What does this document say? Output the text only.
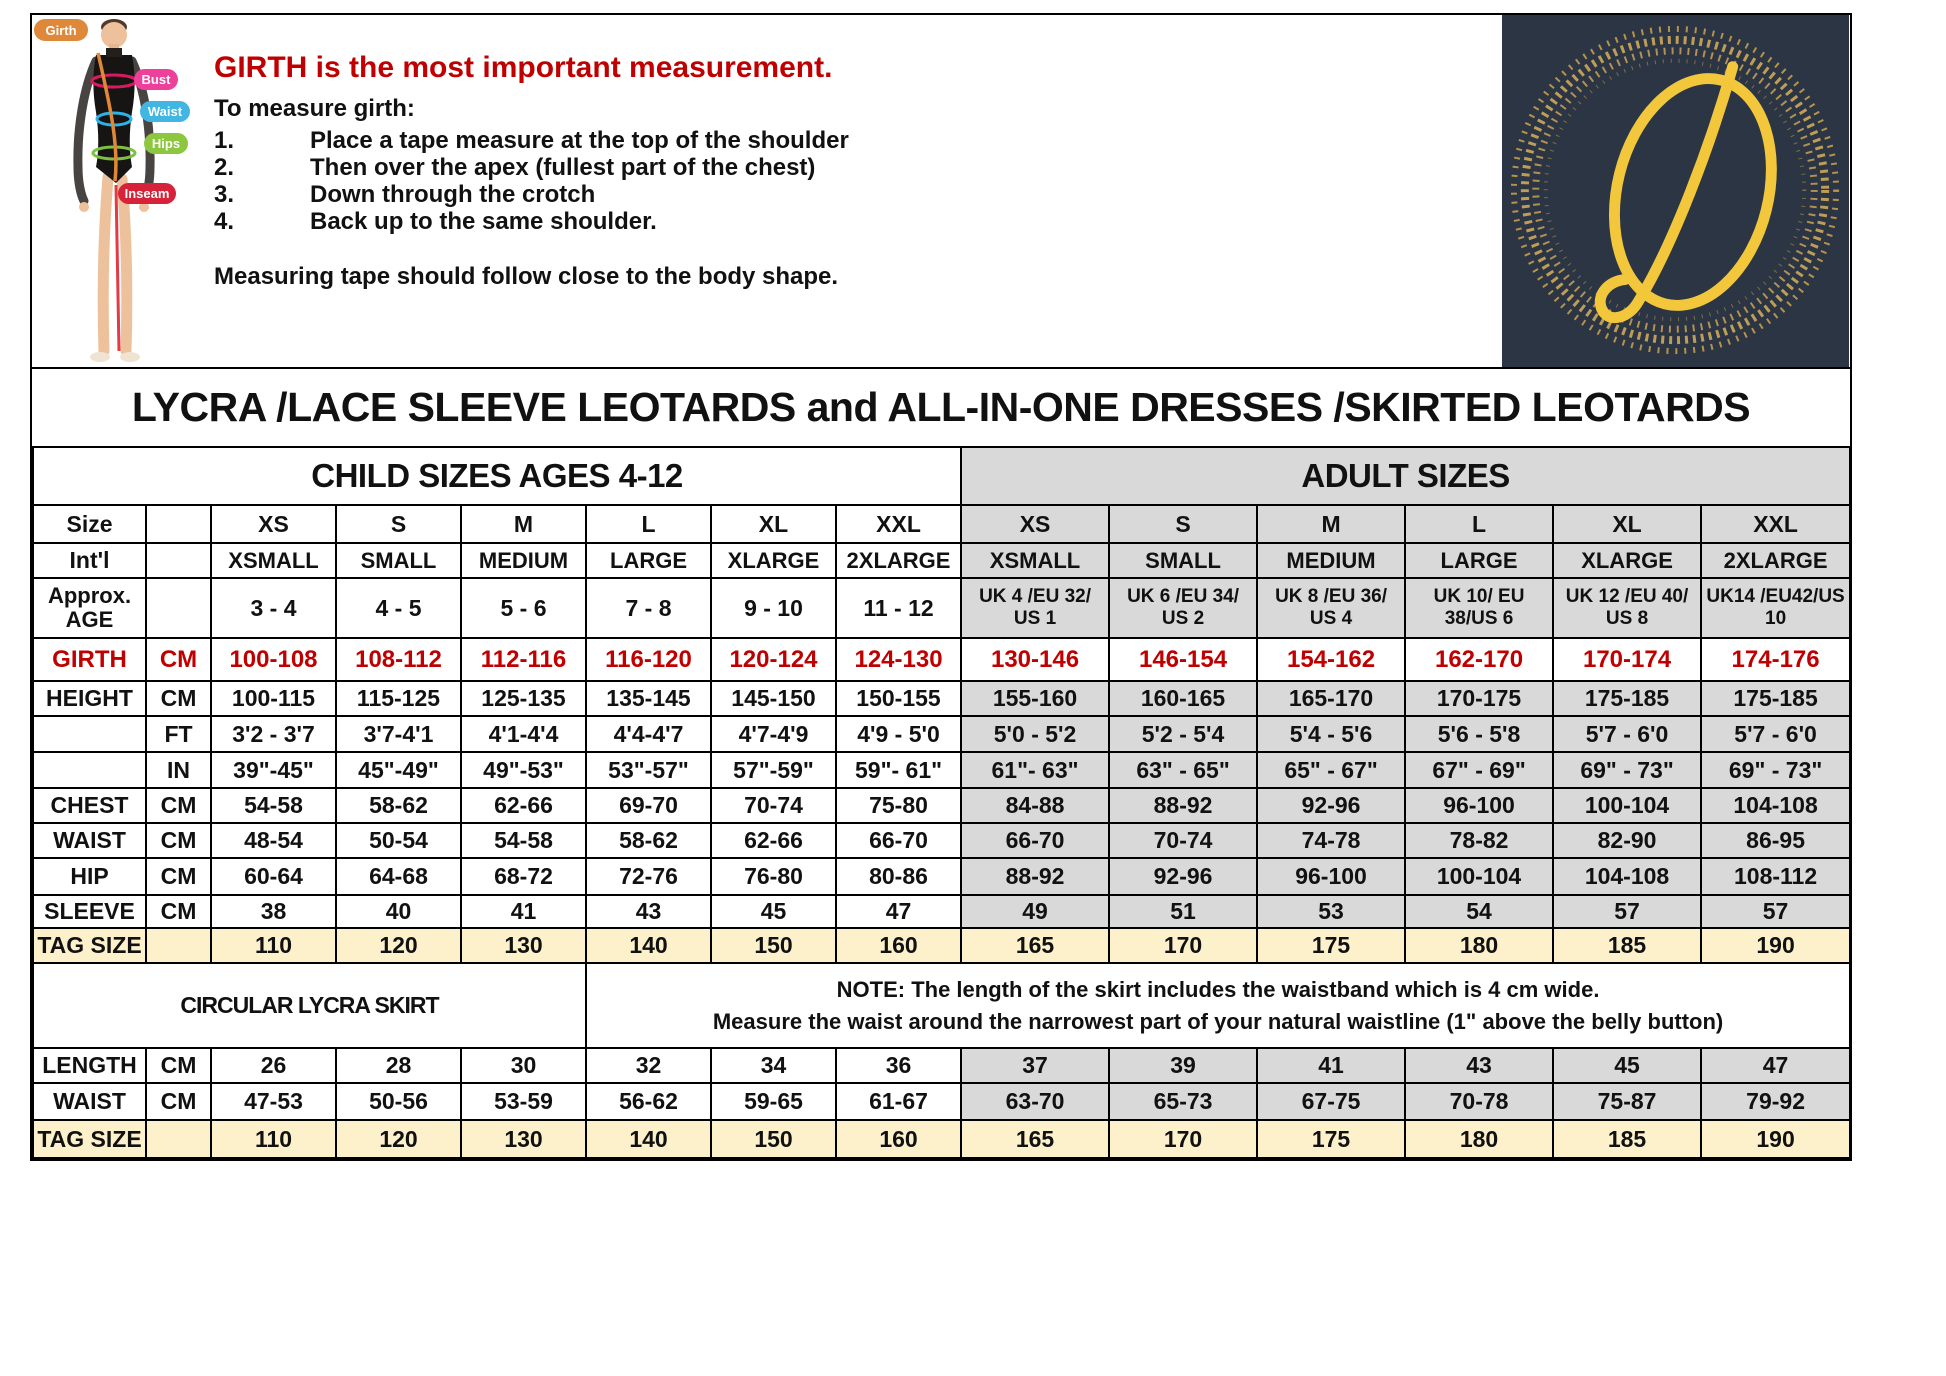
Girth
Bust
Waist
Hips
Inseam
GIRTH is the most important measurement.
To measure girth:
1.	Place a tape measure at the top of the shoulder
2.	Then over the apex (fullest part of the chest)
3.	Down through the crotch
4.	Back up to the same shoulder.
Measuring tape should follow close to the body shape.
LYCRA /LACE SLEEVE LEOTARDS and ALL-IN-ONE DRESSES /SKIRTED LEOTARDS
CHILD SIZES AGES 4-12								ADULT SIZES					
Size		XS	S	M	L	XL	XXL	XS	S	M	L	XL	XXL
Int'l		XSMALL	SMALL	MEDIUM	LARGE	XLARGE	2XLARGE	XSMALL	SMALL	MEDIUM	LARGE	XLARGE	2XLARGE
Approx. AGE		3 - 4	4 - 5	5 - 6	7 - 8	9 - 10	11 - 12	UK 4 /EU 32/ US 1	UK 6 /EU 34/ US 2	UK 8 /EU 36/ US 4	UK 10/ EU 38/US 6	UK 12 /EU 40/ US 8	UK14 /EU42/US 10
GIRTH	CM	100-108	108-112	112-116	116-120	120-124	124-130	130-146	146-154	154-162	162-170	170-174	174-176
HEIGHT	CM	100-115	115-125	125-135	135-145	145-150	150-155	155-160	160-165	165-170	170-175	175-185	175-185
	FT	3'2 - 3'7	3'7-4'1	4'1-4'4	4'4-4'7	4'7-4'9	4'9 - 5'0	5'0 - 5'2	5'2 - 5'4	5'4 - 5'6	5'6 - 5'8	5'7 - 6'0	5'7 - 6'0
	IN	39"-45"	45"-49"	49"-53"	53"-57"	57"-59"	59"- 61"	61"- 63"	63" - 65"	65" - 67"	67" - 69"	69" - 73"	69" - 73"
CHEST	CM	54-58	58-62	62-66	69-70	70-74	75-80	84-88	88-92	92-96	96-100	100-104	104-108
WAIST	CM	48-54	50-54	54-58	58-62	62-66	66-70	66-70	70-74	74-78	78-82	82-90	86-95
HIP	CM	60-64	64-68	68-72	72-76	76-80	80-86	88-92	92-96	96-100	100-104	104-108	108-112
SLEEVE	CM	38	40	41	43	45	47	49	51	53	54	57	57
TAG SIZE		110	120	130	140	150	160	165	170	175	180	185	190
CIRCULAR LYCRA SKIRT					NOTE: The length of the skirt includes the waistband which is 4 cm wide.
Measure the waist around the narrowest part of your natural waistline (1" above the belly button)								

LENGTH	CM	26	28	30	32	34	36	37	39	41	43	45	47
WAIST	CM	47-53	50-56	53-59	56-62	59-65	61-67	63-70	65-73	67-75	70-78	75-87	79-92
TAG SIZE		110	120	130	140	150	160	165	170	175	180	185	190
